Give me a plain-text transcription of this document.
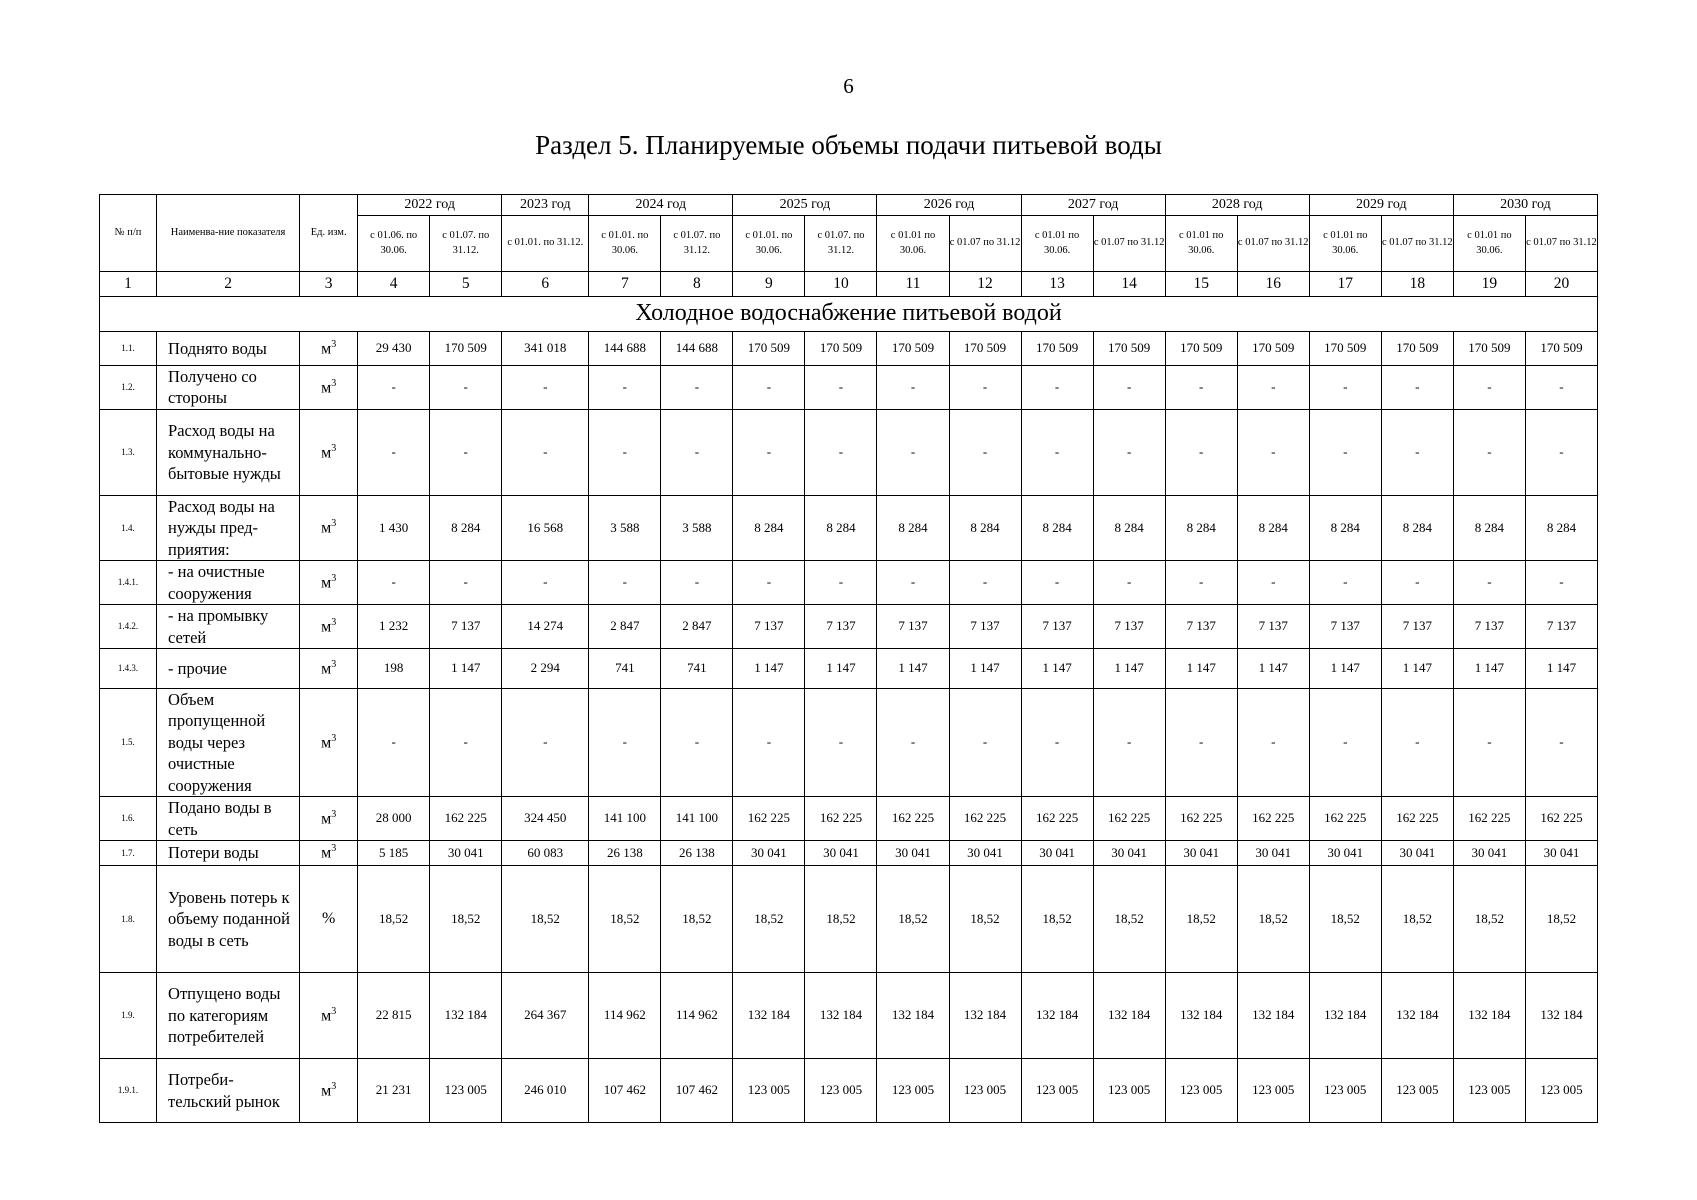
6
Раздел 5. Планируемые объемы подачи питьевой воды
№ п/п	Наименва-ние показателя	Ед. изм.	2022 год		2023 год	2024 год		2025 год		2026 год		2027 год		2028 год		2029 год		2030 год	
			с 01.06. по 30.06.	с 01.07. по 31.12.	с 01.01. по 31.12.	с 01.01. по 30.06.	с 01.07. по 31.12.	с 01.01. по 30.06.	с 01.07. по 31.12.	с 01.01 по 30.06.	с 01.07 по 31.12	с 01.01 по 30.06.	с 01.07 по 31.12	с 01.01 по 30.06.	с 01.07 по 31.12	с 01.01 по 30.06.	с 01.07 по 31.12	с 01.01 по 30.06.	с 01.07 по 31.12
1	2	3	4	5	6	7	8	9	10	11	12	13	14	15	16	17	18	19	20
Холодное водоснабжение питьевой водой																			
1.1.	Поднято воды	$м^3$	29 430	170 509	341 018	144 688	144 688	170 509	170 509	170 509	170 509	170 509	170 509	170 509	170 509	170 509	170 509	170 509	170 509
1.2.	Получено со стороны	$м^3$	-	-	-	-	-	-	-	-	-	-	-	-	-	-	-	-	-
1.3.	Расход воды на коммунально-бытовые нужды	$м^3$	-	-	-	-	-	-	-	-	-	-	-	-	-	-	-	-	-
1.4.	Расход воды на нужды пред-приятия:	$м^3$	1 430	8 284	16 568	3 588	3 588	8 284	8 284	8 284	8 284	8 284	8 284	8 284	8 284	8 284	8 284	8 284	8 284
1.4.1.	- на очистные сооружения	$м^3$	-	-	-	-	-	-	-	-	-	-	-	-	-	-	-	-	-
1.4.2.	- на промывку сетей	$м^3$	1 232	7 137	14 274	2 847	2 847	7 137	7 137	7 137	7 137	7 137	7 137	7 137	7 137	7 137	7 137	7 137	7 137
1.4.3.	- прочие	$м^3$	198	1 147	2 294	741	741	1 147	1 147	1 147	1 147	1 147	1 147	1 147	1 147	1 147	1 147	1 147	1 147
1.5.	Объем пропущенной воды через очистные сооружения	$м^3$	-	-	-	-	-	-	-	-	-	-	-	-	-	-	-	-	-
1.6.	Подано воды в сеть	$м^3$	28 000	162 225	324 450	141 100	141 100	162 225	162 225	162 225	162 225	162 225	162 225	162 225	162 225	162 225	162 225	162 225	162 225
1.7.	Потери воды	$м^3$	5 185	30 041	60 083	26 138	26 138	30 041	30 041	30 041	30 041	30 041	30 041	30 041	30 041	30 041	30 041	30 041	30 041
1.8.	Уровень потерь к объему поданной воды в сеть	%	18,52	18,52	18,52	18,52	18,52	18,52	18,52	18,52	18,52	18,52	18,52	18,52	18,52	18,52	18,52	18,52	18,52
1.9.	Отпущено воды по категориям потребителей	$м^3$	22 815	132 184	264 367	114 962	114 962	132 184	132 184	132 184	132 184	132 184	132 184	132 184	132 184	132 184	132 184	132 184	132 184
1.9.1.	Потреби-тельский рынок	$м^3$	21 231	123 005	246 010	107 462	107 462	123 005	123 005	123 005	123 005	123 005	123 005	123 005	123 005	123 005	123 005	123 005	123 005
